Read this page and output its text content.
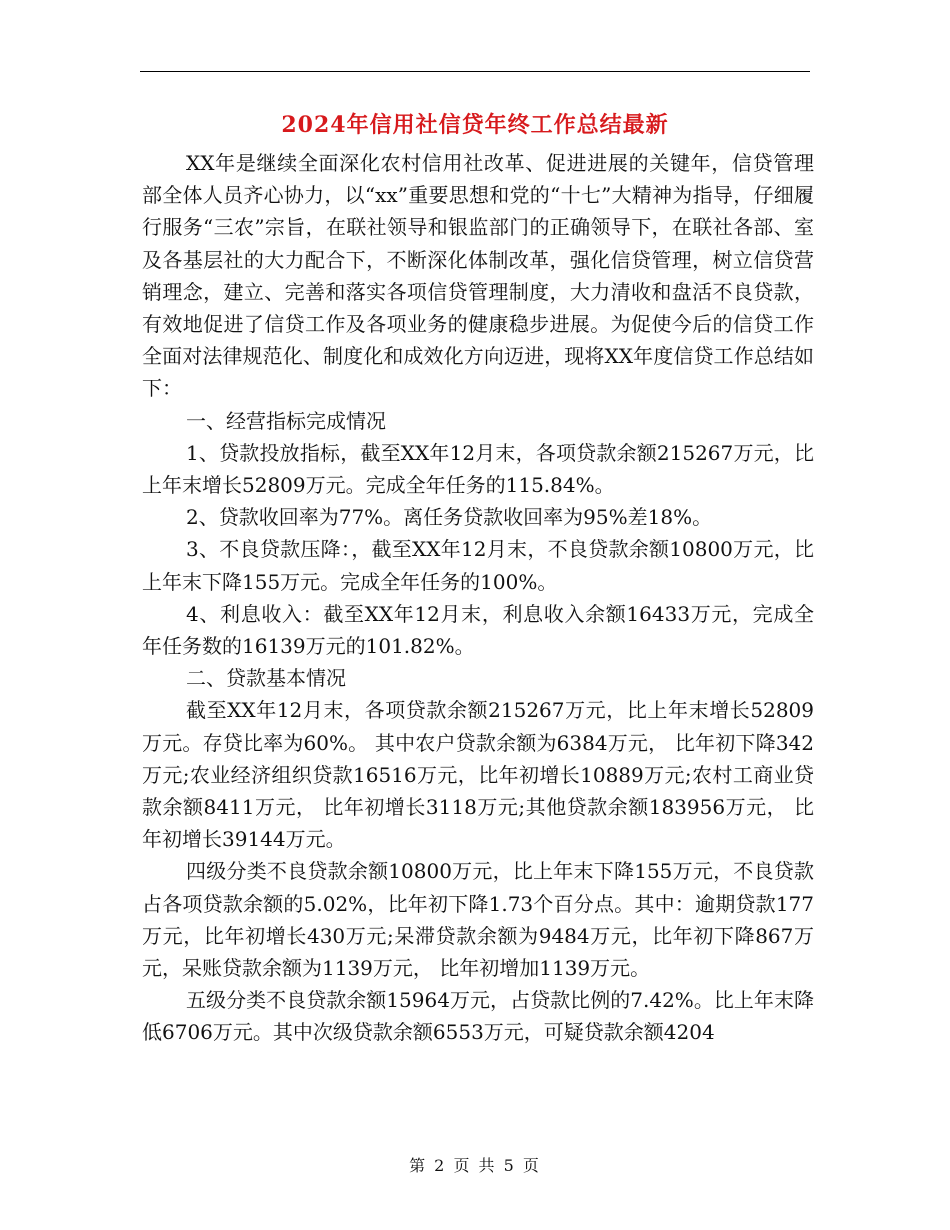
2024年信用社信贷年终工作总结最新

XX年是继续全面深化农村信用社改革、促进进展的关键年，信贷管理部全体人员齐心协力，以“xx”重要思想和党的“十七”大精神为指导，仔细履行服务“三农”宗旨，在联社领导和银监部门的正确领导下，在联社各部、室及各基层社的大力配合下，不断深化体制改革，强化信贷管理，树立信贷营销理念，建立、完善和落实各项信贷管理制度，大力清收和盘活不良贷款，有效地促进了信贷工作及各项业务的健康稳步进展。为促使今后的信贷工作全面对法律规范化、制度化和成效化方向迈进，现将XX年度信贷工作总结如下：

一、经营指标完成情况

1、贷款投放指标，截至XX年12月末，各项贷款余额215267万元，比上年末增长52809万元。完成全年任务的115.84%。

2、贷款收回率为77%。离任务贷款收回率为95%差18%。

3、不良贷款压降：，截至XX年12月末，不良贷款余额10800万元，比上年末下降155万元。完成全年任务的100%。

4、利息收入：截至XX年12月末，利息收入余额16433万元，完成全年任务数的16139万元的101.82%。

二、贷款基本情况

截至XX年12月末，各项贷款余额215267万元，比上年末增长52809万元。存贷比率为60%。 其中农户贷款余额为6384万元， 比年初下降342万元;农业经济组织贷款16516万元，比年初增长10889万元;农村工商业贷款余额8411万元， 比年初增长3118万元;其他贷款余额183956万元， 比年初增长39144万元。

四级分类不良贷款余额10800万元，比上年末下降155万元，不良贷款占各项贷款余额的5.02%，比年初下降1.73个百分点。其中：逾期贷款177万元，比年初增长430万元;呆滞贷款余额为9484万元，比年初下降867万元，呆账贷款余额为1139万元， 比年初增加1139万元。

五级分类不良贷款余额15964万元，占贷款比例的7.42%。比上年末降低6706万元。其中次级贷款余额6553万元，可疑贷款余额4204

第 2 页 共 5 页
